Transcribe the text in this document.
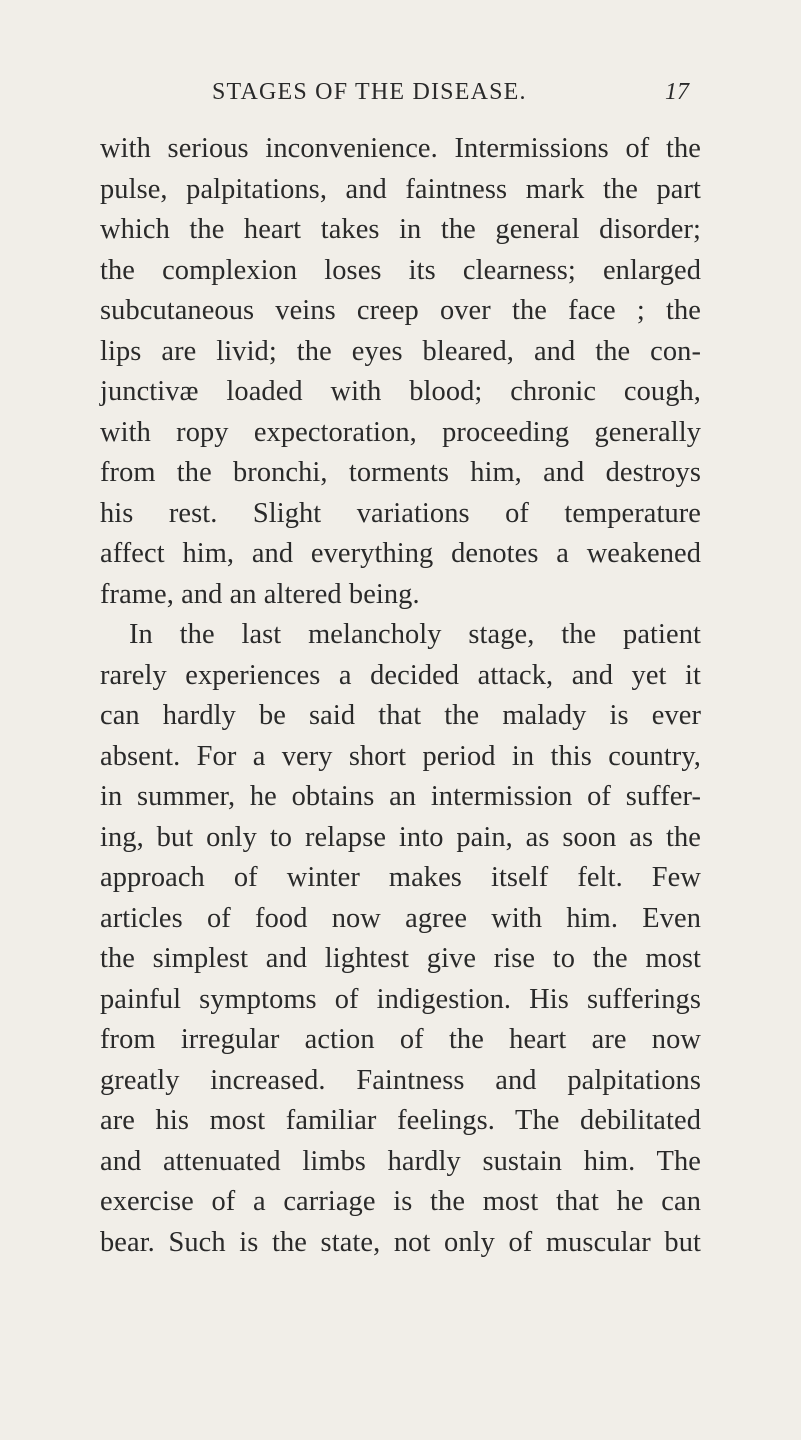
STAGES OF THE DISEASE.	17
with serious inconvenience. Intermissions of the
pulse, palpitations, and faintness mark the part
which the heart takes in the general disorder;
the complexion loses its clearness; enlarged
subcutaneous veins creep over the face ; the
lips are livid; the eyes bleared, and the con-
junctivæ loaded with blood; chronic cough,
with ropy expectoration, proceeding generally
from the bronchi, torments him, and destroys
his rest. Slight variations of temperature
affect him, and everything denotes a weakened
frame, and an altered being.
In the last melancholy stage, the patient
rarely experiences a decided attack, and yet it
can hardly be said that the malady is ever
absent. For a very short period in this country,
in summer, he obtains an intermission of suffer-
ing, but only to relapse into pain, as soon as the
approach of winter makes itself felt. Few
articles of food now agree with him. Even
the simplest and lightest give rise to the most
painful symptoms of indigestion. His sufferings
from irregular action of the heart are now
greatly increased. Faintness and palpitations
are his most familiar feelings. The debilitated
and attenuated limbs hardly sustain him. The
exercise of a carriage is the most that he can
bear. Such is the state, not only of muscular but
